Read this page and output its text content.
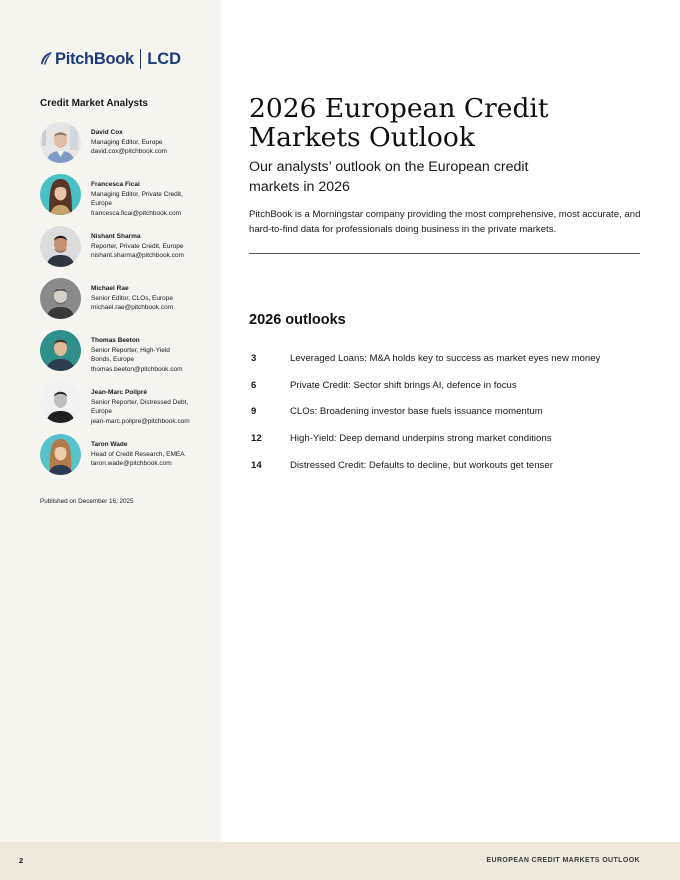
PitchBook LCD
Credit Market Analysts
David Cox
Managing Editor, Europe
david.cox@pitchbook.com
Francesca Ficai
Managing Editor, Private Credit,
Europe
francesca.ficai@pitchbook.com
Nishant Sharma
Reporter, Private Credit, Europe
nishant.sharma@pitchbook.com
Michael Rae
Senior Editor, CLOs, Europe
michael.rae@pitchbook.com
Thomas Beeton
Senior Reporter, High-Yield
Bonds, Europe
thomas.beeton@pitchbook.com
Jean-Marc Poilpré
Senior Reporter, Distressed Debt,
Europe
jean-marc.poilpre@pitchbook.com
Taron Wade
Head of Credit Research, EMEA
taron.wade@pitchbook.com
Published on December 16, 2025
2026 European Credit Markets Outlook
Our analysts’ outlook on the European credit markets in 2026

PitchBook is a Morningstar company providing the most comprehensive, most accurate, and hard-to-find data for professionals doing business in the private markets.

2026 outlooks
3	Leveraged Loans: M&A holds key to success as market eyes new money
6	Private Credit: Sector shift brings AI, defence in focus
9	CLOs: Broadening investor base fuels issuance momentum
12	High-Yield: Deep demand underpins strong market conditions
14	Distressed Credit: Defaults to decline, but workouts get tenser
2	EUROPEAN CREDIT MARKETS OUTLOOK
